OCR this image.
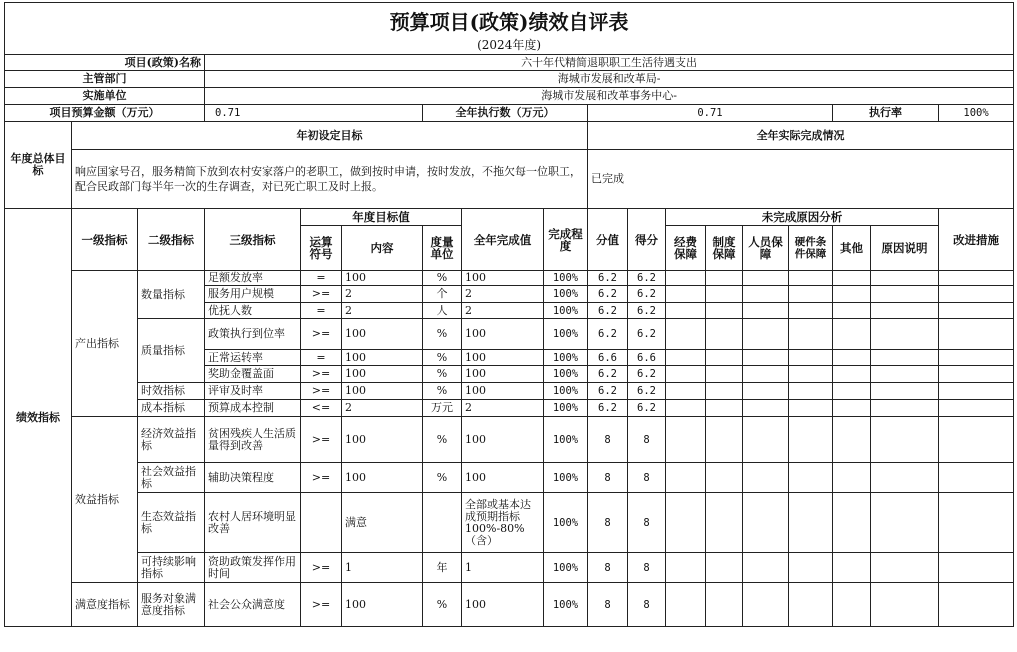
预算项目(政策)绩效自评表																	
(2024年度)																	
项目(政策)名称			六十年代精简退职职工生活待遇支出														
主管部门			海城市发展和改革局-														
实施单位			海城市发展和改革事务中心-														
项目预算金额（万元）			0.71			全年执行数（万元）			0.71						执行率		100%
年度总体目标	年初设定目标								全年实际完成情况								
	响应国家号召，服务精简下放到农村安家落户的老职工，做到按时申请，按时发放，不拖欠每一位职工，配合民政部门每半年一次的生存调查，对已死亡职工及时上报。								已完成								
绩效指标	一级指标	二级指标	三级指标	年度目标值			全年完成值	完成程度	分值	得分	未完成原因分析						改进措施
				运算符号	内容	度量单位					经费保障	制度保障	人员保障	硬件条件保障	其他	原因说明	
	产出指标	数量指标	足额发放率	=	100	%	100	100%	6.2	6.2							
			服务用户规模	>=	2	个	2	100%	6.2	6.2							
			优抚人数	=	2	人	2	100%	6.2	6.2							
		质量指标	政策执行到位率	>=	100	%	100	100%	6.2	6.2							
			正常运转率	=	100	%	100	100%	6.6	6.6							
			奖助金覆盖面	>=	100	%	100	100%	6.2	6.2							
		时效指标	评审及时率	>=	100	%	100	100%	6.2	6.2							
		成本指标	预算成本控制	<=	2	万元	2	100%	6.2	6.2							
	效益指标	经济效益指标	贫困残疾人生活质量得到改善	>=	100	%	100	100%	8	8							
		社会效益指标	辅助决策程度	>=	100	%	100	100%	8	8							
		生态效益指标	农村人居环境明显改善		满意		全部或基本达成预期指标100%-80%（含）	100%	8	8							
		可持续影响指标	资助政策发挥作用时间	>=	1	年	1	100%	8	8							
	满意度指标	服务对象满意度指标	社会公众满意度	>=	100	%	100	100%	8	8							
